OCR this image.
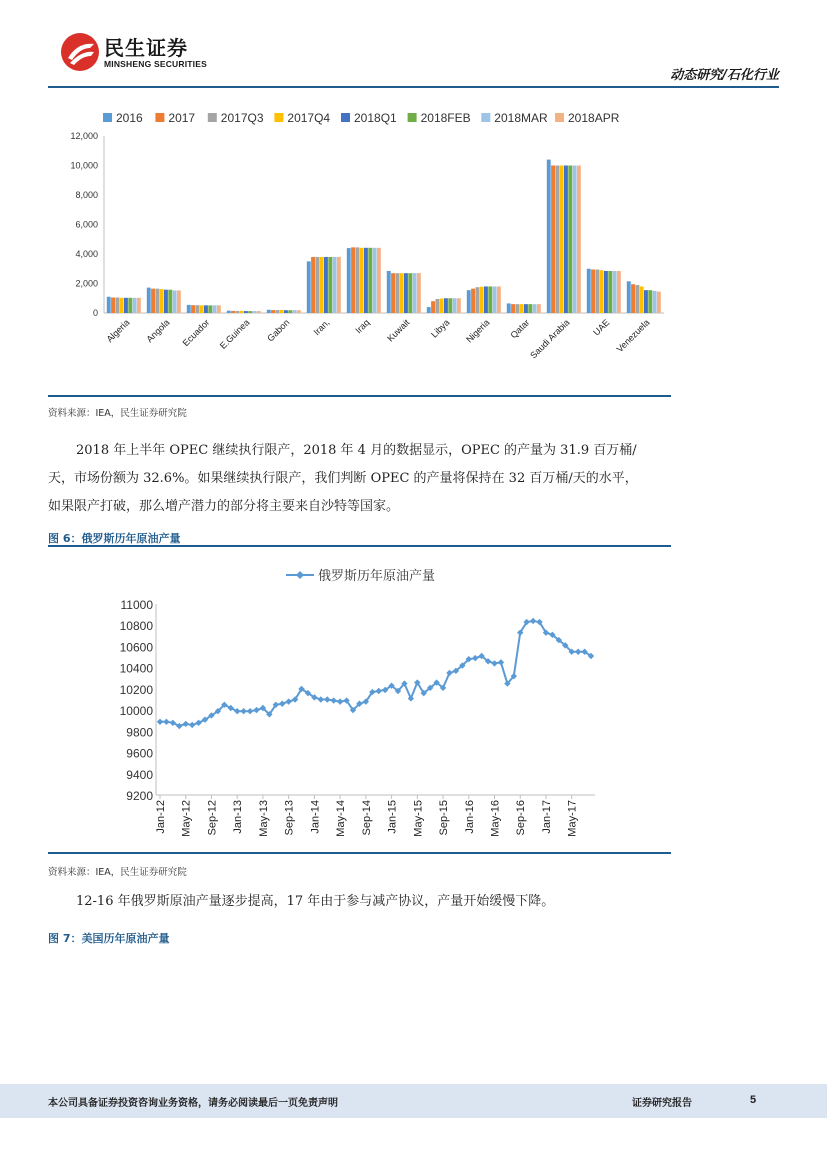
民生证券
MINSHENG SECURITIES
动态研究/石化行业
2016 2017 2017Q3 2017Q4 2018Q1 2018FEB 2018MAR 2018APR
0
2,000
4,000
6,000
8,000
10,000
12,000
Algeria Angola Ecuador E.Guinea Gabon Iran, Iraq Kuwait Libya Nigeria Qatar
Saudi Arabia UAE Venezuela
资料来源：IEA，民生证券研究院
2018 年上半年 OPEC 继续执行限产，2018 年 4 月的数据显示，OPEC 的产量为 31.9 百万桶/天，市场份额为 32.6%。如果继续执行限产，我们判断 OPEC 的产量将保持在 32 百万桶/天的水平，如果限产打破，那么增产潜力的部分将主要来自沙特等国家。
图 6：俄罗斯历年原油产量
俄罗斯历年原油产量
9200
9400
9600
9800
10000
10200
10400
10600
10800
11000
Jan-12 May-12 Sep-12 Jan-13 May-13 Sep-13 Jan-14 May-14 Sep-14 Jan-15 May-15 Sep-15 Jan-16 May-16 Sep-16 Jan-17 May-17
资料来源：IEA，民生证券研究院
12-16 年俄罗斯原油产量逐步提高，17 年由于参与减产协议，产量开始缓慢下降。
图 7：美国历年原油产量
本公司具备证券投资咨询业务资格，请务必阅读最后一页免责声明	证券研究报告	5
